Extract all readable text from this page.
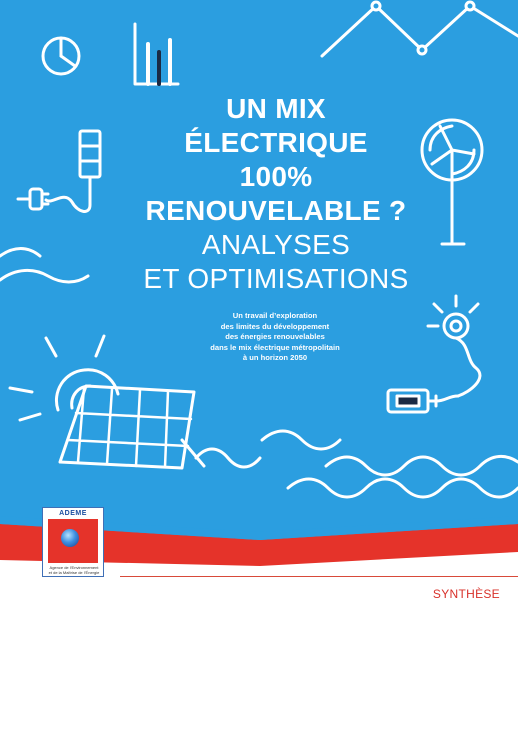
UN MIX
ÉLECTRIQUE
100%
RENOUVELABLE ?
ANALYSES
ET OPTIMISATIONS
Un travail d’exploration
des limites du développement
des énergies renouvelables
dans le mix électrique métropolitain
à un horizon 2050
ADEME
Agence de l’Environnement
et de la Maîtrise de l’Énergie
SYNTHÈSE
